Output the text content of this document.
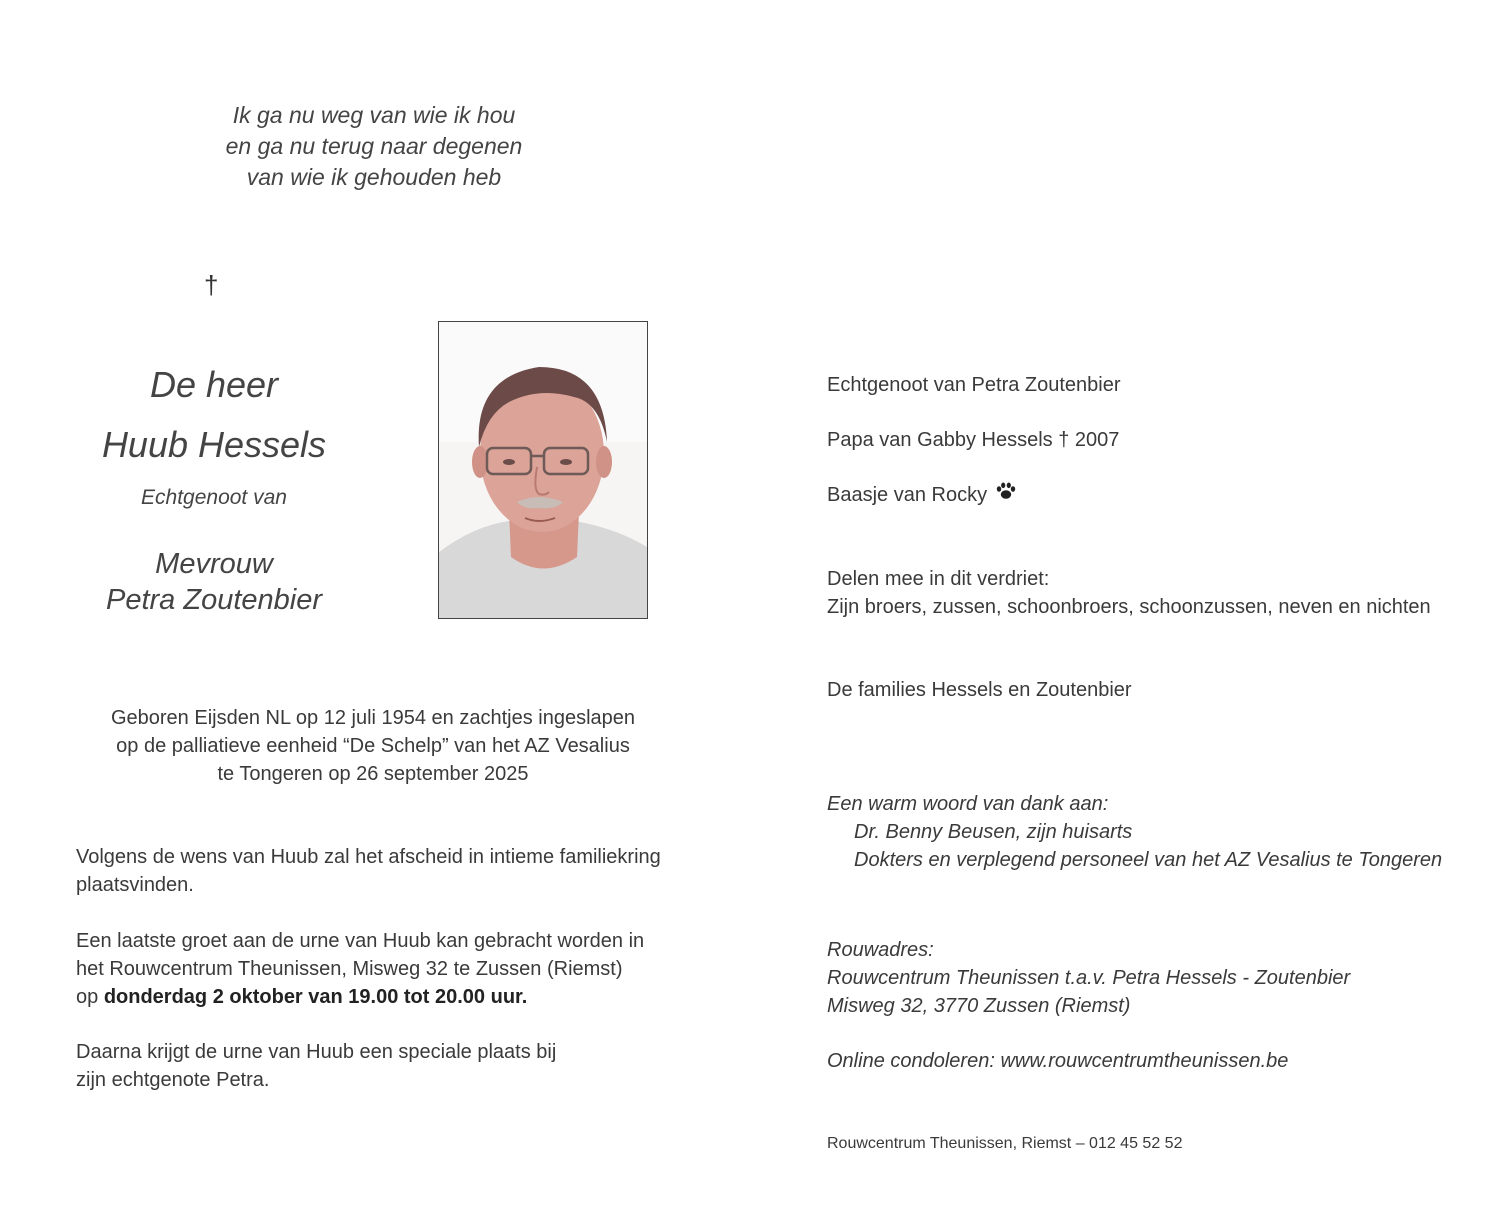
Ik ga nu weg van wie ik hou
en ga nu terug naar degenen
van wie ik gehouden heb
†
De heer
Huub Hessels
Echtgenoot van
Mevrouw
Petra Zoutenbier
Geboren Eijsden NL op 12 juli 1954 en zachtjes ingeslapen
op de palliatieve eenheid “De Schelp” van het AZ Vesalius
te Tongeren op 26 september 2025
Volgens de wens van Huub zal het afscheid in intieme familiekring plaatsvinden.
Een laatste groet aan de urne van Huub kan gebracht worden in
het Rouwcentrum Theunissen, Misweg 32 te Zussen (Riemst)
op donderdag 2 oktober van 19.00 tot 20.00 uur.
Daarna krijgt de urne van Huub een speciale plaats bij
zijn echtgenote Petra.
Echtgenoot van Petra Zoutenbier
Papa van Gabby Hessels † 2007
Baasje van Rocky
Delen mee in dit verdriet:
Zijn broers, zussen, schoonbroers, schoonzussen, neven en nichten
De families Hessels en Zoutenbier
Een warm woord van dank aan:
Dr. Benny Beusen, zijn huisarts
Dokters en verplegend personeel van het AZ Vesalius te Tongeren
Rouwadres:
Rouwcentrum Theunissen t.a.v. Petra Hessels - Zoutenbier
Misweg 32, 3770 Zussen (Riemst)
Online condoleren: www.rouwcentrumtheunissen.be
Rouwcentrum Theunissen, Riemst – 012 45 52 52
